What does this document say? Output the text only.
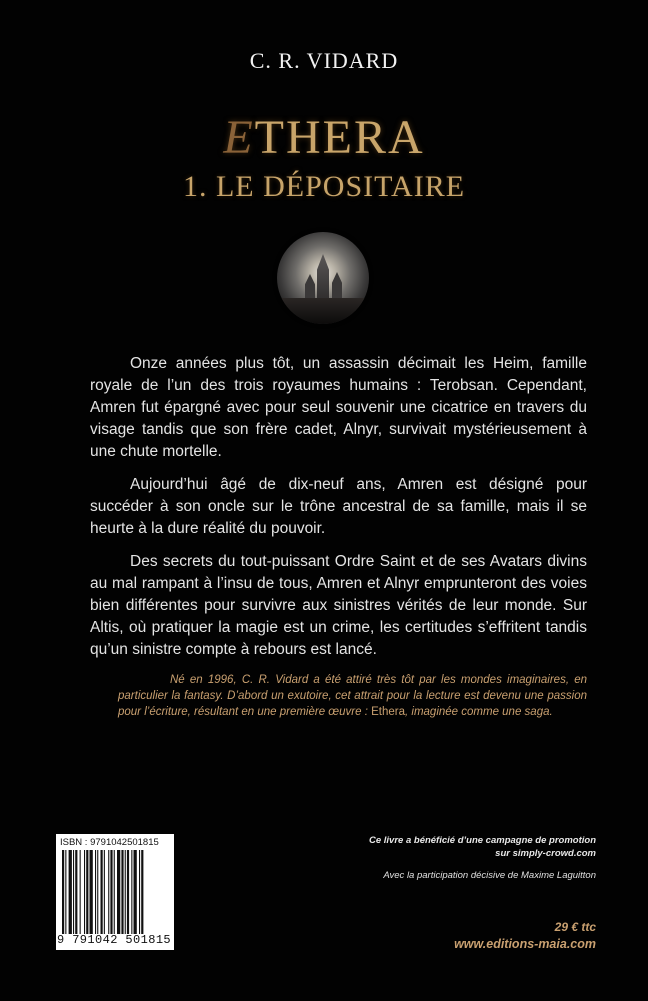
C. R. VIDARD
ETHERA
1. LE DÉPOSITAIRE

Onze années plus tôt, un assassin décimait les Heim, famille royale de l’un des trois royaumes humains : Terobsan. Cependant, Amren fut épargné avec pour seul souvenir une cicatrice en travers du visage tandis que son frère cadet, Alnyr, survivait mystérieusement à une chute mortelle.

Aujourd’hui âgé de dix-neuf ans, Amren est désigné pour succéder à son oncle sur le trône ancestral de sa famille, mais il se heurte à la dure réalité du pouvoir.

Des secrets du tout-puissant Ordre Saint et de ses Avatars divins au mal rampant à l’insu de tous, Amren et Alnyr emprunteront des voies bien différentes pour survivre aux sinistres vérités de leur monde. Sur Altis, où pratiquer la magie est un crime, les certitudes s’effritent tandis qu’un sinistre compte à rebours est lancé.

Né en 1996, C. R. Vidard a été attiré très tôt par les mondes imaginaires, en particulier la fantasy. D’abord un exutoire, cet attrait pour la lecture est devenu une passion pour l’écriture, résultant en une première œuvre : Ethera, imaginée comme une saga.

ISBN : 9791042501815
9 791042 501815
Ce livre a bénéficié d’une campagne de promotion
sur simply-crowd.com
Avec la participation décisive de Maxime Laguitton
29 € ttc
www.editions-maia.com
